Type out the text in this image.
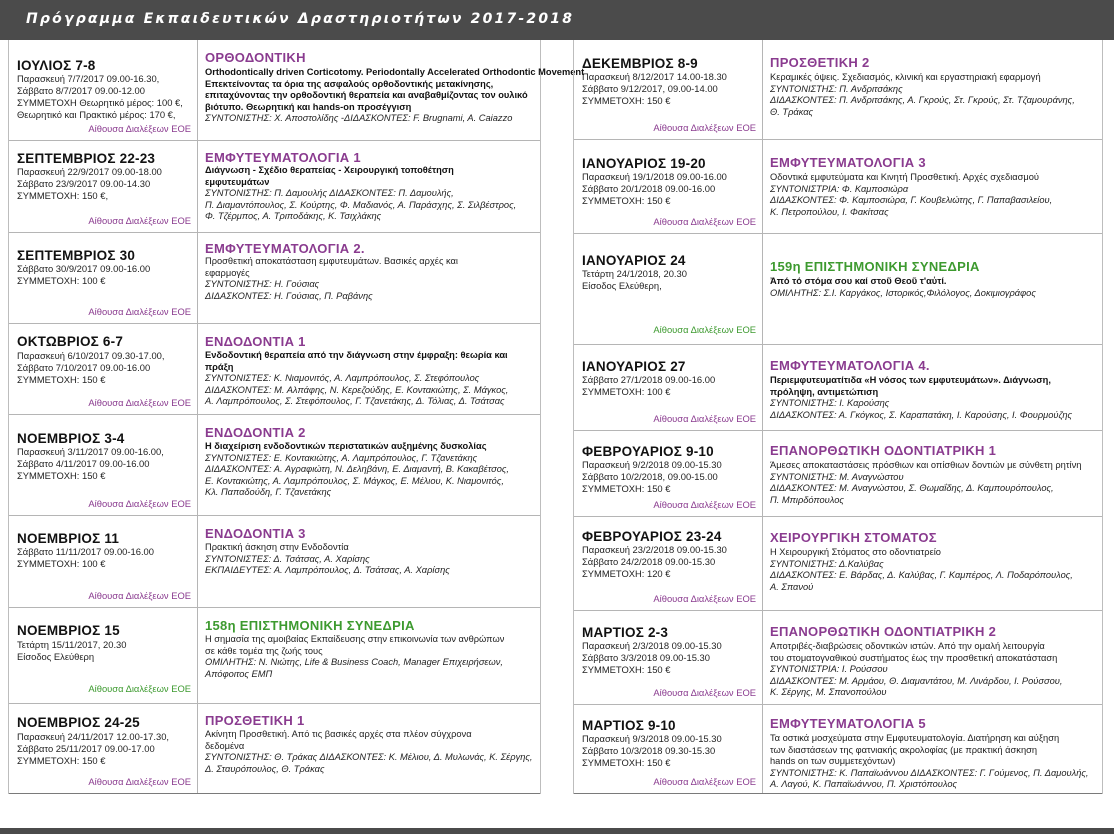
Πρόγραμμα Εκπαιδευτικών Δραστηριοτήτων 2017-2018
ΙΟΥΛΙΟΣ 7-8
Παρασκευή 7/7/2017 09.00-16.30,
Σάββατο 8/7/2017 09.00-12.00
ΣΥΜΜΕΤΟΧΗ Θεωρητικό μέρος: 100 €,
Θεωρητικό και Πρακτικό μέρος: 170 €,
Αίθουσα Διαλέξεων ΕΟΕ
ΟΡΘΟΔΟΝΤΙΚΗ
Orthodontically driven Corticotomy. Periodontally Accelerated Orthodontic Movement
Επεκτείνοντας τα όρια της ασφαλούς ορθοδοντικής μετακίνησης,
επιταχύνοντας την ορθοδοντική θεραπεία και αναβαθμίζοντας τον ουλικό
βιότυπο. Θεωρητική και hands-on προσέγγιση
ΣΥΝΤΟΝΙΣΤΗΣ: Χ. Αποστολίδης -ΔΙΔΑΣΚΟΝΤΕΣ: F. Brugnami, A. Caiazzo
ΣΕΠΤΕΜΒΡΙΟΣ 22-23
Παρασκευή 22/9/2017 09.00-18.00
Σάββατο 23/9/2017 09.00-14.30
ΣΥΜΜΕΤΟΧΗ: 150 €,
Αίθουσα Διαλέξεων ΕΟΕ
ΕΜΦΥΤΕΥΜΑΤΟΛΟΓΙΑ 1
Διάγνωση - Σχέδιο θεραπείας - Χειρουργική τοποθέτηση
εμφυτευμάτων
ΣΥΝΤΟΝΙΣΤΗΣ: Π. Δαμουλής ΔΙΔΑΣΚΟΝΤΕΣ: Π. Δαμουλής,
Π. Διαμαντόπουλος, Σ. Κούρτης, Φ. Μαδιανός, Α. Παράσχης, Σ. Σιλβέστρος,
Φ. Τζέρμπος, Α. Τριποδάκης, Κ. Τσιχλάκης
ΣΕΠΤΕΜΒΡΙΟΣ 30
Σάββατο 30/9/2017 09.00-16.00
ΣΥΜΜΕΤΟΧΗ: 100 €
Αίθουσα Διαλέξεων ΕΟΕ
ΕΜΦΥΤΕΥΜΑΤΟΛΟΓΙΑ 2.
Προσθετική αποκατάσταση εμφυτευμάτων. Βασικές αρχές και
εφαρμογές
ΣΥΝΤΟΝΙΣΤΗΣ: Η. Γούσιας
ΔΙΔΑΣΚΟΝΤΕΣ: Η. Γούσιας, Π. Ραβάνης
ΟΚΤΩΒΡΙΟΣ 6-7
Παρασκευή 6/10/2017 09.30-17.00,
Σάββατο 7/10/2017 09.00-16.00
ΣΥΜΜΕΤΟΧΗ: 150 €
Αίθουσα Διαλέξεων ΕΟΕ
ΕΝΔΟΔΟΝΤΙΑ 1
Ενδοδοντική θεραπεία από την διάγνωση στην έμφραξη: θεωρία και
πράξη
ΣΥΝΤΟΝΙΣΤΕΣ: Κ. Νιαμονιτός, Α. Λαμπρόπουλος, Σ. Στεφόπουλος
ΔΙΔΑΣΚΟΝΤΕΣ: Μ. Αλπάφης, Ν. Κερεζούδης, Ε. Κοντακιώτης, Σ. Μάγκος,
Α. Λαμπρόπουλος, Σ. Στεφόπουλος, Γ. Τζανετάκης, Δ. Τόλιας, Δ. Τσάτσας
ΝΟΕΜΒΡΙΟΣ 3-4
Παρασκευή 3/11/2017 09.00-16.00,
Σάββατο 4/11/2017 09.00-16.00
ΣΥΜΜΕΤΟΧΗ: 150 €
Αίθουσα Διαλέξεων ΕΟΕ
ΕΝΔΟΔΟΝΤΙΑ 2
Η διαχείριση ενδοδοντικών περιστατικών αυξημένης δυσκολίας
ΣΥΝΤΟΝΙΣΤΕΣ: Ε. Κοντακιώτης, Α. Λαμπρόπουλος, Γ. Τζανετάκης
ΔΙΔΑΣΚΟΝΤΕΣ: Α. Αγραφιώτη, Ν. Δεληβάνη, Ε. Διαμαντή, Β. Κακαβέτσος,
Ε. Κοντακιώτης, Α. Λαμπρόπουλος, Σ. Μάγκος, Ε. Μέλιου, Κ. Νιαμονιτός,
Κλ. Παπαδούδη, Γ. Τζανετάκης
ΝΟΕΜΒΡΙΟΣ 11
Σάββατο 11/11/2017 09.00-16.00
ΣΥΜΜΕΤΟΧΗ: 100 €
Αίθουσα Διαλέξεων ΕΟΕ
ΕΝΔΟΔΟΝΤΙΑ 3
Πρακτική άσκηση στην Ενδοδοντία
ΣΥΝΤΟΝΙΣΤΕΣ: Δ. Τσάτσας, Α. Χαρίσης
ΕΚΠΑΙΔΕΥΤΕΣ: Α. Λαμπρόπουλος, Δ. Τσάτσας, Α. Χαρίσης
ΝΟΕΜΒΡΙΟΣ 15
Τετάρτη 15/11/2017, 20.30
Είσοδος Ελεύθερη
Αίθουσα Διαλέξεων ΕΟΕ
158η ΕΠΙΣΤΗΜΟΝΙΚΗ ΣΥΝΕΔΡΙΑ
Η σημασία της αμοιβαίας Εκπαίδευσης στην επικοινωνία των ανθρώπων
σε κάθε τομέα της ζωής τους
ΟΜΙΛΗΤΗΣ: Ν. Νιώτης, Life & Business Coach, Manager Επιχειρήσεων,
Απόφοιτος ΕΜΠ
ΝΟΕΜΒΡΙΟΣ 24-25
Παρασκευή 24/11/2017 12.00-17.30,
Σάββατο 25/11/2017 09.00-17.00
ΣΥΜΜΕΤΟΧΗ: 150 €
Αίθουσα Διαλέξεων ΕΟΕ
ΠΡΟΣΘΕΤΙΚΗ 1
Ακίνητη Προσθετική. Από τις βασικές αρχές στα πλέον σύγχρονα
δεδομένα
ΣΥΝΤΟΝΙΣΤΗΣ: Θ. Τράκας ΔΙΔΑΣΚΟΝΤΕΣ: Κ. Μέλιου, Δ. Μυλωνάς, Κ. Σέργης,
Δ. Σταυρόπουλος, Θ. Τράκας
ΔΕΚΕΜΒΡΙΟΣ 8-9
Παρασκευή 8/12/2017 14.00-18.30
Σάββατο 9/12/2017, 09.00-14.00
ΣΥΜΜΕΤΟΧΗ: 150 €
Αίθουσα Διαλέξεων ΕΟΕ
ΠΡΟΣΘΕΤΙΚΗ 2
Κεραμικές όψεις. Σχεδιασμός, κλινική και εργαστηριακή εφαρμογή
ΣΥΝΤΟΝΙΣΤΗΣ: Π. Ανδριτσάκης
ΔΙΔΑΣΚΟΝΤΕΣ: Π. Ανδριτσάκης, Α. Γκρούς, Στ. Γκρούς, Στ. Τζαμουράνης,
Θ. Τράκας
ΙΑΝΟΥΑΡΙΟΣ 19-20
Παρασκευή 19/1/2018 09.00-16.00
Σάββατο 20/1/2018 09.00-16.00
ΣΥΜΜΕΤΟΧΗ: 150 €
Αίθουσα Διαλέξεων ΕΟΕ
ΕΜΦΥΤΕΥΜΑΤΟΛΟΓΙΑ 3
Οδοντικά εμφυτεύματα και Κινητή Προσθετική. Αρχές σχεδιασμού
ΣΥΝΤΟΝΙΣΤΡΙΑ: Φ. Καμποσιώρα
ΔΙΔΑΣΚΟΝΤΕΣ: Φ. Καμποσιώρα, Γ. Κουβελιώτης, Γ. Παπαβασιλείου,
Κ. Πετροπούλου, Ι. Φακίτσας
ΙΑΝΟΥΑΡΙΟΣ 24
Τετάρτη 24/1/2018, 20.30
Είσοδος Ελεύθερη,
Αίθουσα Διαλέξεων ΕΟΕ
159η ΕΠΙΣΤΗΜΟΝΙΚΗ ΣΥΝΕΔΡΙΑ
Ἀπό τό στόμα σου καί στοῦ Θεοῦ τ'αὐτί.
ΟΜΙΛΗΤΗΣ: Σ.Ι. Καργάκος, Ιστορικός,Φιλόλογος, Δοκιμιογράφος
ΙΑΝΟΥΑΡΙΟΣ 27
Σάββατο 27/1/2018 09.00-16.00
ΣΥΜΜΕΤΟΧΗ: 100 €
Αίθουσα Διαλέξεων ΕΟΕ
ΕΜΦΥΤΕΥΜΑΤΟΛΟΓΙΑ 4.
Περιεμφυτευματίτιδα «Η νόσος των εμφυτευμάτων». Διάγνωση,
πρόληψη, αντιμετώπιση
ΣΥΝΤΟΝΙΣΤΗΣ: Ι. Καρούσης
ΔΙΔΑΣΚΟΝΤΕΣ: Α. Γκόγκος, Σ. Καραπατάκη, Ι. Καρούσης, Ι. Φουρμούζης
ΦΕΒΡΟΥΑΡΙΟΣ 9-10
Παρασκευή 9/2/2018 09.00-15.30
Σάββατο 10/2/2018, 09.00-15.00
ΣΥΜΜΕΤΟΧΗ: 150 €
Αίθουσα Διαλέξεων ΕΟΕ
ΕΠΑΝΟΡΘΩΤΙΚΗ ΟΔΟΝΤΙΑΤΡΙΚΗ 1
Άμεσες αποκαταστάσεις πρόσθιων και οπίσθιων δοντιών με σύνθετη ρητίνη
ΣΥΝΤΟΝΙΣΤΗΣ: Μ. Αναγνώστου
ΔΙΔΑΣΚΟΝΤΕΣ: Μ. Αναγνώστου, Σ. Θωμαΐδης, Δ. Καμπουρόπουλος,
Π. Μπιρδόπουλος
ΦΕΒΡΟΥΑΡΙΟΣ 23-24
Παρασκευή 23/2/2018 09.00-15.30
Σάββατο 24/2/2018 09.00-15.30
ΣΥΜΜΕΤΟΧΗ: 120 €
Αίθουσα Διαλέξεων ΕΟΕ
ΧΕΙΡΟΥΡΓΙΚΗ ΣΤΟΜΑΤΟΣ
Η Χειρουργική Στόματος στο οδοντιατρείο
ΣΥΝΤΟΝΙΣΤΗΣ: Δ.Καλύβας
ΔΙΔΑΣΚΟΝΤΕΣ: Ε. Βάρδας, Δ. Καλύβας, Γ. Καμπέρος, Λ. Ποδαρόπουλος,
Α. Σπανού
ΜΑΡΤΙΟΣ 2-3
Παρασκευή 2/3/2018 09.00-15.30
Σάββατο 3/3/2018 09.00-15.30
ΣΥΜΜΕΤΟΧΗ: 150 €
Αίθουσα Διαλέξεων ΕΟΕ
ΕΠΑΝΟΡΘΩΤΙΚΗ ΟΔΟΝΤΙΑΤΡΙΚΗ 2
Αποτριβές-διαβρώσεις οδοντικών ιστών. Από την ομαλή λειτουργία
του στοματογναθικού συστήματος έως την προσθετική αποκατάσταση
ΣΥΝΤΟΝΙΣΤΡΙΑ: Ι. Ρούσσου
ΔΙΔΑΣΚΟΝΤΕΣ: Μ. Αρμάου, Θ. Διαμαντάτου, Μ. Λινάρδου, Ι. Ρούσσου,
Κ. Σέργης, Μ. Σπανοπούλου
ΜΑΡΤΙΟΣ 9-10
Παρασκευή 9/3/2018 09.00-15.30
Σάββατο 10/3/2018 09.30-15.30
ΣΥΜΜΕΤΟΧΗ: 150 €
Αίθουσα Διαλέξεων ΕΟΕ
ΕΜΦΥΤΕΥΜΑΤΟΛΟΓΙΑ 5
Τα οστικά μοσχεύματα στην Εμφυτευματολογία. Διατήρηση και αύξηση
των διαστάσεων της φατνιακής ακρολοφίας (με πρακτική άσκηση
hands on των συμμετεχόντων)
ΣΥΝΤΟΝΙΣΤΗΣ: Κ. Παπαϊωάννου ΔΙΔΑΣΚΟΝΤΕΣ: Γ. Γούμενος, Π. Δαμουλής,
Α. Λαγού, Κ. Παπαϊωάννου, Π. Χριστόπουλος
